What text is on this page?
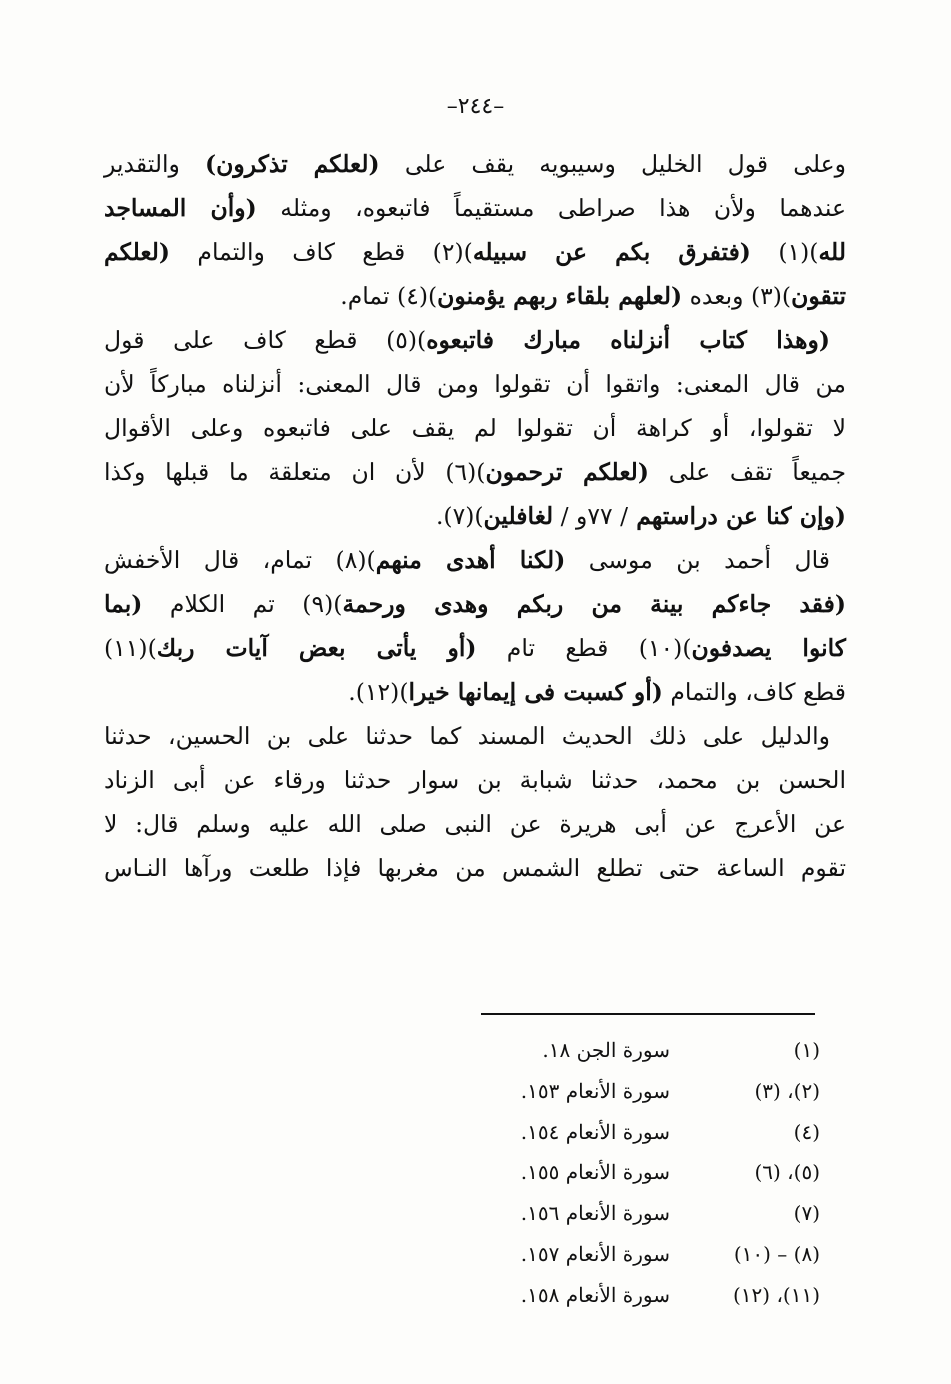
–٢٤٤–
وعلى قول الخليل وسيبويه يقف على (لعلكم تذكرون) والتقدير
عندهما ولأن هذا صراطى مستقيماً فاتبعوه، ومثله (وأن المساجد
لله)(١) (فتفرق بكم عن سبيله)(٢) قطع كاف والتمام (لعلكم
تتقون)(٣) وبعده (لعلهم بلقاء ربهم يؤمنون)(٤) تمام.
(وهذا كتاب أنزلناه مبارك فاتبعوه)(٥) قطع كاف على قول
من قال المعنى: واتقوا أن تقولوا ومن قال المعنى: أنزلناه مباركاً لأن
لا تقولوا، أو كراهة أن تقولوا لم يقف على فاتبعوه وعلى الأقوال
جميعاً تقف على (لعلكم ترحمون)(٦) لأن ان متعلقة ما قبلها وكذا
(وإن كنا عن دراستهم / ٧٧و / لغافلين)(٧).
قال أحمد بن موسى (لكنا أهدى منهم)(٨) تمام، قال الأخفش
(فقد جاءكم بينة من ربكم وهدى ورحمة)(٩) تم الكلام (بما
كانوا يصدفون)(١٠) قطع تام (أو يأتى بعض آيات ربك)(١١)
قطع كاف، والتمام (أو كسبت فى إيمانها خيرا)(١٢).
والدليل على ذلك الحديث المسند كما حدثنا على بن الحسين، حدثنا
الحسن بن محمد، حدثنا شبابة بن سوار حدثنا ورقاء عن أبى الزناد
عن الأعرج عن أبى هريرة عن النبى صلى الله عليه وسلم قال: لا
تقوم الساعة حتى تطلع الشمس من مغربها فإذا طلعت ورآها النـاس
(١)
سورة الجن ١٨.
(٢)، (٣)
سورة الأنعام ١٥٣.
(٤)
سورة الأنعام ١٥٤.
(٥)، (٦)
سورة الأنعام ١٥٥.
(٧)
سورة الأنعام ١٥٦.
(٨) – (١٠)
سورة الأنعام ١٥٧.
(١١)، (١٢)
سورة الأنعام ١٥٨.
